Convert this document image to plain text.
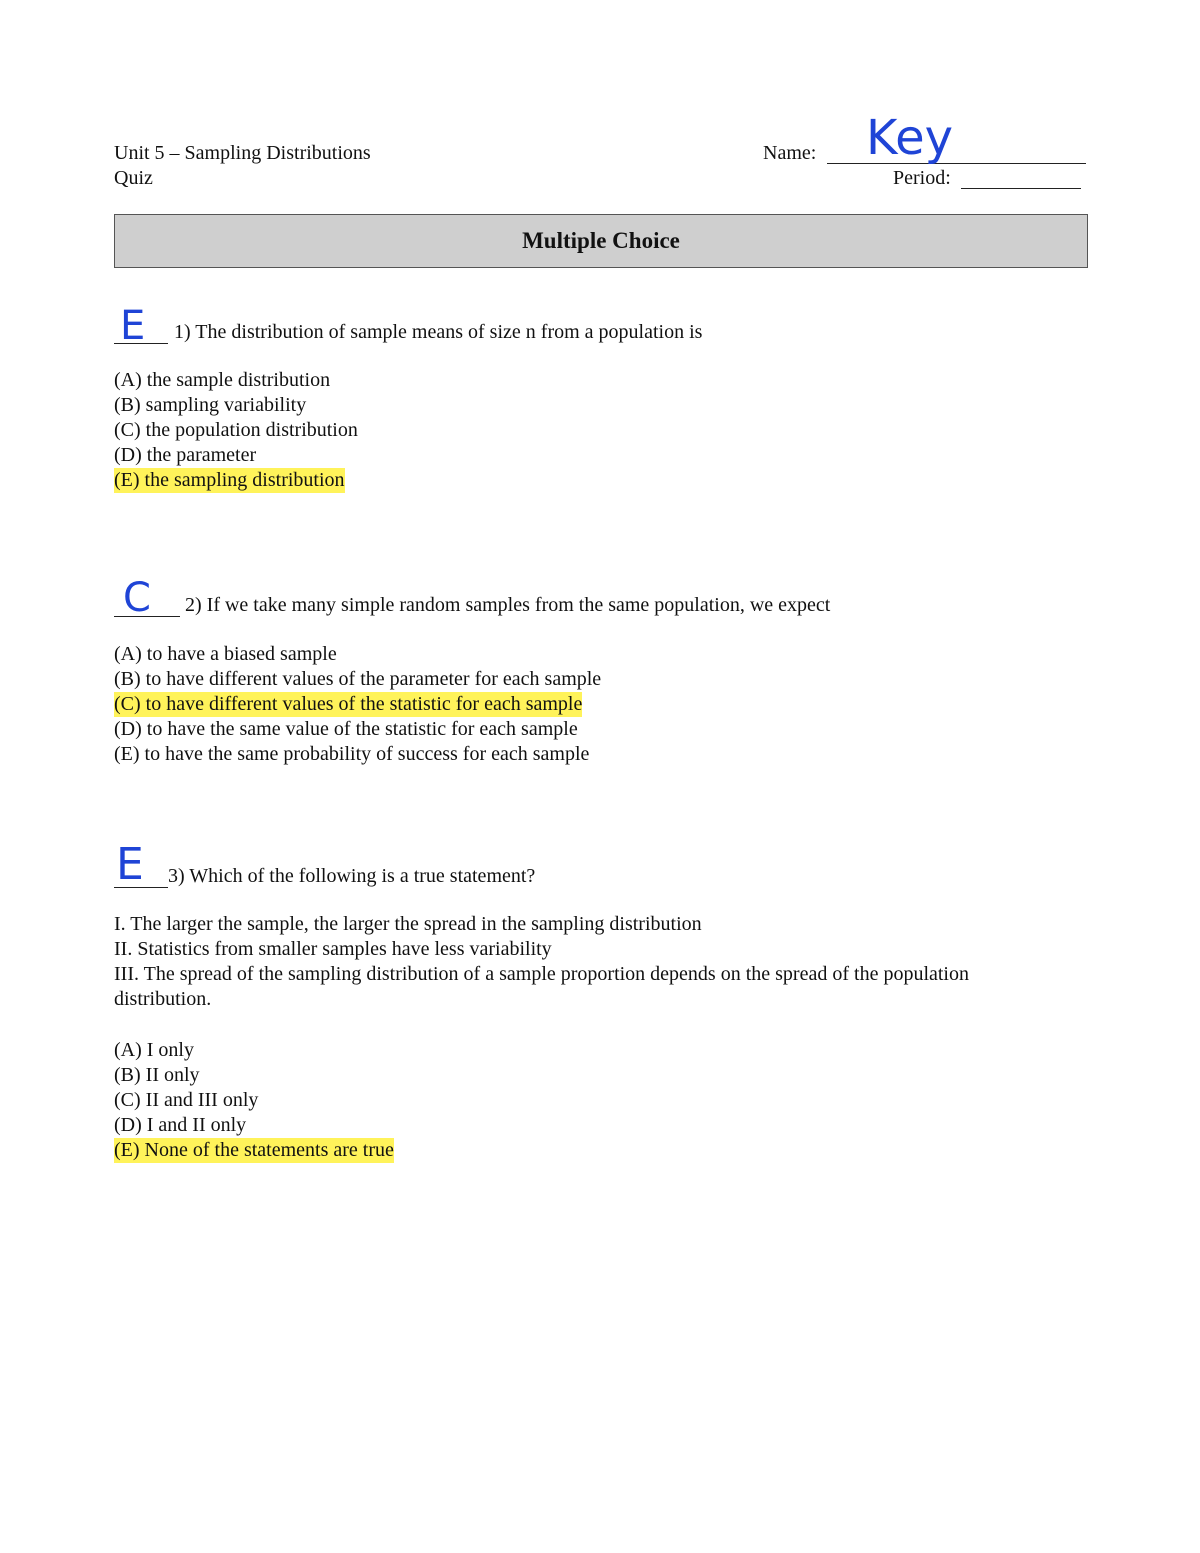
Unit 5 – Sampling Distributions
Quiz
Name: Key
Period:
Multiple Choice
E 1) The distribution of sample means of size n from a population is
(A) the sample distribution
(B) sampling variability
(C) the population distribution
(D) the parameter
(E) the sampling distribution
C 2) If we take many simple random samples from the same population, we expect
(A) to have a biased sample
(B) to have different values of the parameter for each sample
(C) to have different values of the statistic for each sample
(D) to have the same value of the statistic for each sample
(E) to have the same probability of success for each sample
E 3) Which of the following is a true statement?
I. The larger the sample, the larger the spread in the sampling distribution
II. Statistics from smaller samples have less variability
III. The spread of the sampling distribution of a sample proportion depends on the spread of the population
distribution.
(A) I only
(B) II only
(C) II and III only
(D) I and II only
(E) None of the statements are true
